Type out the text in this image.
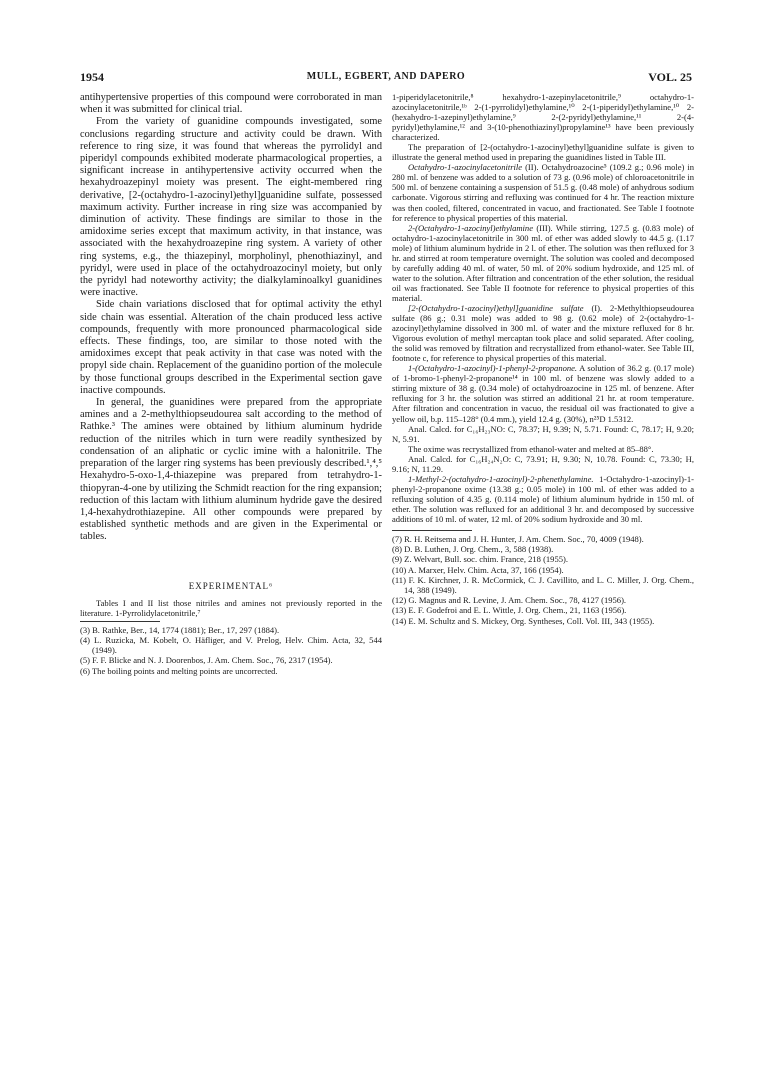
1954	MULL, EGBERT, AND DAPERO	VOL. 25

antihypertensive properties of this compound were corroborated in man when it was submitted for clinical trial.

From the variety of guanidine compounds investigated, some conclusions regarding structure and activity could be drawn. With reference to ring size, it was found that whereas the pyrrolidyl and piperidyl compounds exhibited moderate pharmacological properties, a significant increase in antihypertensive activity occurred when the hexahydroazepinyl moiety was present. The eight-membered ring derivative, [2-(octahydro-1-azocinyl)ethyl]guanidine sulfate, possessed maximum activity. Further increase in ring size was accompanied by diminution of activity. These findings are similar to those in the amidoxime series except that maximum activity, in that instance, was associated with the hexahydroazepine ring system. A variety of other ring systems, e.g., the thiazepinyl, morpholinyl, phenothiazinyl, and pyridyl, were used in place of the octahydroazocinyl moiety, but only the pyridyl had noteworthy activity; the dialkylaminoalkyl guanidines were inactive.

Side chain variations disclosed that for optimal activity the ethyl side chain was essential. Alteration of the chain produced less active compounds, frequently with more pronounced pharmacological side effects. These findings, too, are similar to those noted with the amidoximes except that peak activity in that case was noted with the propyl side chain. Replacement of the guanidino portion of the molecule by those functional groups described in the Experimental section gave inactive compounds.

In general, the guanidines were prepared from the appropriate amines and a 2-methylthiopseudourea salt according to the method of Rathke.³ The amines were obtained by lithium aluminum hydride reduction of the nitriles which in turn were readily synthesized by condensation of an aliphatic or cyclic imine with a halonitrile. The preparation of the larger ring systems has been previously described.¹,⁴,⁵ Hexahydro-5-oxo-1,4-thiazepine was prepared from tetrahydro-1-thiopyran-4-one by utilizing the Schmidt reaction for the ring expansion; reduction of this lactam with lithium aluminum hydride gave the desired 1,4-hexahydrothiazepine. All other compounds were prepared by established synthetic methods and are given in the Experimental or tables.

EXPERIMENTAL⁶

Tables I and II list those nitriles and amines not previously reported in the literature. 1-Pyrrolidylacetonitrile,⁷

(3) B. Rathke, Ber., 14, 1774 (1881); Ber., 17, 297 (1884).

(4) L. Ruzicka, M. Kobelt, O. Häfliger, and V. Prelog, Helv. Chim. Acta, 32, 544 (1949).

(5) F. F. Blicke and N. J. Doorenbos, J. Am. Chem. Soc., 76, 2317 (1954).

(6) The boiling points and melting points are uncorrected.

1-piperidylacetonitrile,⁸ hexahydro-1-azepinylacetonitrile,⁹ octahydro-1-azocinylacetonitrile,¹ᵇ 2-(1-pyrrolidyl)ethylamine,¹⁰ 2-(1-piperidyl)ethylamine,¹⁰ 2-(hexahydro-1-azepinyl)ethylamine,⁹ 2-(2-pyridyl)ethylamine,¹¹ 2-(4-pyridyl)ethylamine,¹² and 3-(10-phenothiazinyl)propylamine¹³ have been previously characterized.

The preparation of [2-(octahydro-1-azocinyl)ethyl]guanidine sulfate is given to illustrate the general method used in preparing the guanidines listed in Table III.

Octahydro-1-azocinylacetonitrile (II). Octahydroazocine⁵ (109.2 g.; 0.96 mole) in 280 ml. of benzene was added to a solution of 73 g. (0.96 mole) of chloroacetonitrile in 500 ml. of benzene containing a suspension of 51.5 g. (0.48 mole) of anhydrous sodium carbonate. Vigorous stirring and refluxing was continued for 4 hr. The reaction mixture was then cooled, filtered, concentrated in vacuo, and fractionated. See Table I footnote for reference to physical properties of this material.

2-(Octahydro-1-azocinyl)ethylamine (III). While stirring, 127.5 g. (0.83 mole) of octahydro-1-azocinylacetonitrile in 300 ml. of ether was added slowly to 44.5 g. (1.17 mole) of lithium aluminum hydride in 2 l. of ether. The solution was then refluxed for 3 hr. and stirred at room temperature overnight. The solution was cooled and decomposed by carefully adding 40 ml. of water, 50 ml. of 20% sodium hydroxide, and 125 ml. of water to the solution. After filtration and concentration of the ether solution, the residual oil was fractionated. See Table II footnote for reference to physical properties of this material.

[2-(Octahydro-1-azocinyl)ethyl]guanidine sulfate (I). 2-Methylthiopseudourea sulfate (86 g.; 0.31 mole) was added to 98 g. (0.62 mole) of 2-(octahydro-1-azocinyl)ethylamine dissolved in 300 ml. of water and the mixture refluxed for 8 hr. Vigorous evolution of methyl mercaptan took place and solid separated. After cooling, the solid was removed by filtration and recrystallized from ethanol-water. See Table III, footnote c, for reference to physical properties of this material.

1-(Octahydro-1-azocinyl)-1-phenyl-2-propanone. A solution of 36.2 g. (0.17 mole) of 1-bromo-1-phenyl-2-propanone¹⁴ in 100 ml. of benzene was slowly added to a stirring mixture of 38 g. (0.34 mole) of octahydroazocine in 125 ml. of benzene. After refluxing for 3 hr. the solution was stirred an additional 21 hr. at room temperature. After filtration and concentration in vacuo, the residual oil was fractionated to give a yellow oil, b.p. 115–128° (0.4 mm.), yield 12.4 g. (30%), n²⁵D 1.5312.

Anal. Calcd. for C₁₆H₂₃NO: C, 78.37; H, 9.39; N, 5.71. Found: C, 78.17; H, 9.20; N, 5.91.

The oxime was recrystallized from ethanol-water and melted at 85–88°.

Anal. Calcd. for C₁₆H₂₄N₂O: C, 73.91; H, 9.30; N, 10.78. Found: C, 73.30; H, 9.16; N, 11.29.

1-Methyl-2-(octahydro-1-azocinyl)-2-phenethylamine. 1-Octahydro-1-azocinyl)-1-phenyl-2-propanone oxime (13.38 g.; 0.05 mole) in 100 ml. of ether was added to a refluxing solution of 4.35 g. (0.114 mole) of lithium aluminum hydride in 150 ml. of ether. The solution was refluxed for an additional 3 hr. and decomposed by successive additions of 10 ml. of water, 12 ml. of 20% sodium hydroxide and 30 ml.

(7) R. H. Reitsema and J. H. Hunter, J. Am. Chem. Soc., 70, 4009 (1948).

(8) D. B. Luthen, J. Org. Chem., 3, 588 (1938).

(9) Z. Welvart, Bull. soc. chim. France, 218 (1955).

(10) A. Marxer, Helv. Chim. Acta, 37, 166 (1954).

(11) F. K. Kirchner, J. R. McCormick, C. J. Cavillito, and L. C. Miller, J. Org. Chem., 14, 388 (1949).

(12) G. Magnus and R. Levine, J. Am. Chem. Soc., 78, 4127 (1956).

(13) E. F. Godefroi and E. L. Wittle, J. Org. Chem., 21, 1163 (1956).

(14) E. M. Schultz and S. Mickey, Org. Syntheses, Coll. Vol. III, 343 (1955).
